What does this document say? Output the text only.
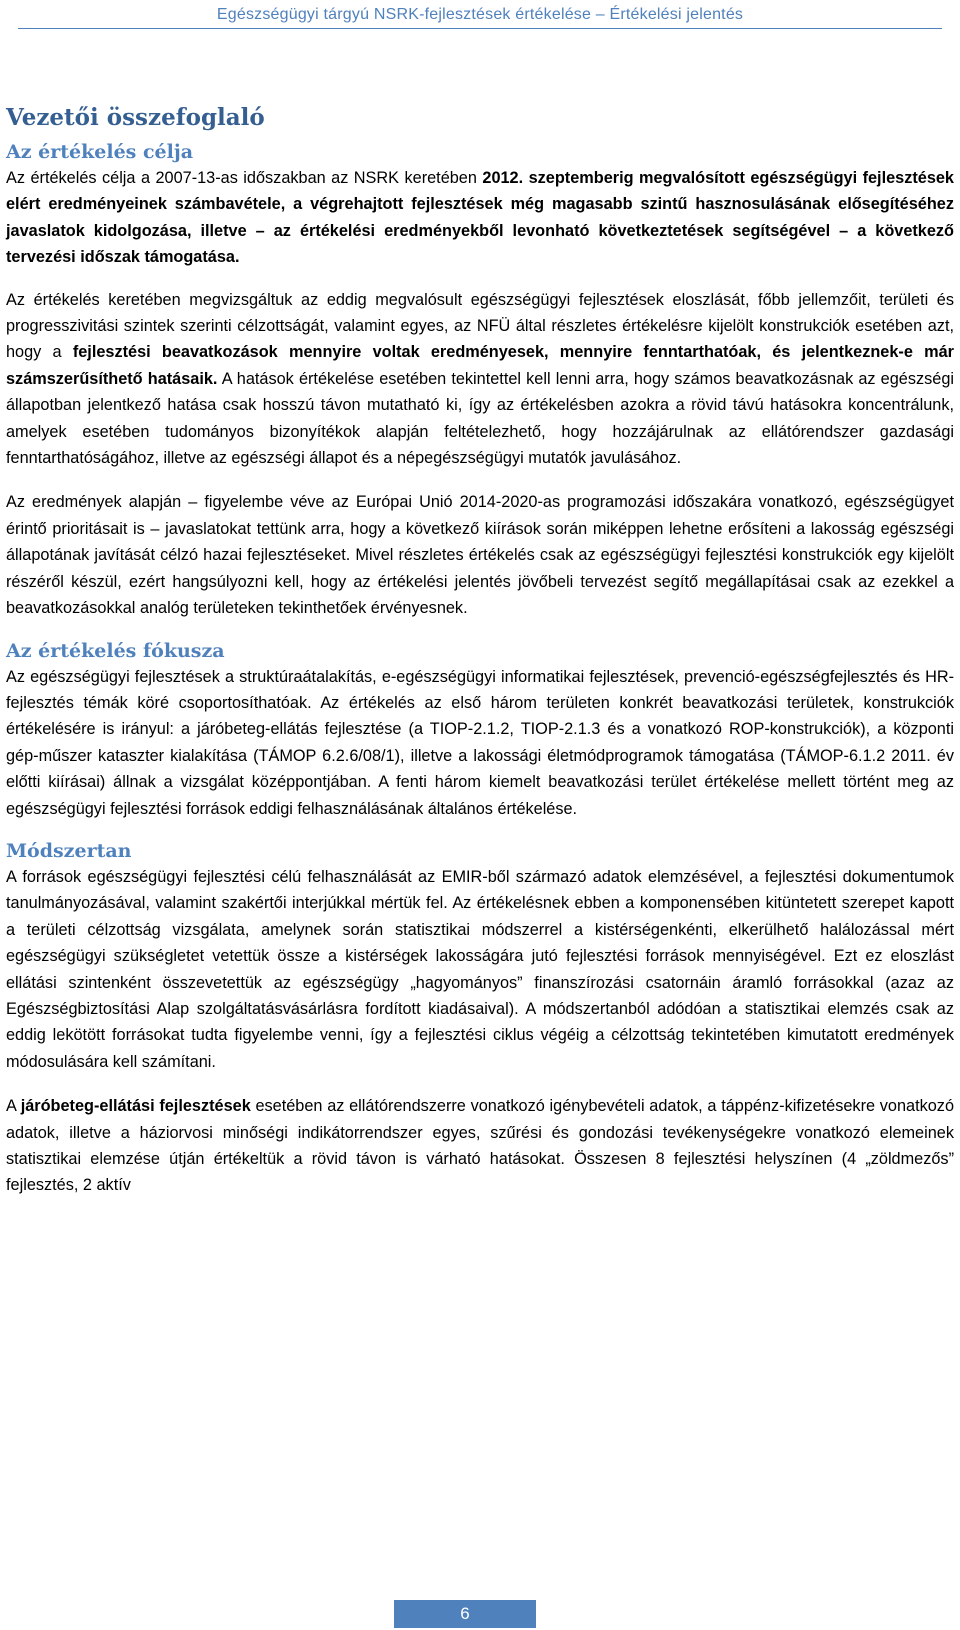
Egészségügyi tárgyú NSRK-fejlesztések értékelése – Értékelési jelentés
Vezetői összefoglaló
Az értékelés célja

Az értékelés célja a 2007-13-as időszakban az NSRK keretében 2012. szeptemberig megvalósított egészségügyi fejlesztések elért eredményeinek számbavétele, a végrehajtott fejlesztések még magasabb szintű hasznosulásának elősegítéséhez javaslatok kidolgozása, illetve – az értékelési eredményekből levonható következtetések segítségével – a következő tervezési időszak támogatása.

Az értékelés keretében megvizsgáltuk az eddig megvalósult egészségügyi fejlesztések eloszlását, főbb jellemzőit, területi és progresszivitási szintek szerinti célzottságát, valamint egyes, az NFÜ által részletes értékelésre kijelölt konstrukciók esetében azt, hogy a fejlesztési beavatkozások mennyire voltak eredményesek, mennyire fenntarthatóak, és jelentkeznek-e már számszerűsíthető hatásaik. A hatások értékelése esetében tekintettel kell lenni arra, hogy számos beavatkozásnak az egészségi állapotban jelentkező hatása csak hosszú távon mutatható ki, így az értékelésben azokra a rövid távú hatásokra koncentrálunk, amelyek esetében tudományos bizonyítékok alapján feltételezhető, hogy hozzájárulnak az ellátórendszer gazdasági fenntarthatóságához, illetve az egészségi állapot és a népegészségügyi mutatók javulásához.

Az eredmények alapján – figyelembe véve az Európai Unió 2014-2020-as programozási időszakára vonatkozó, egészségügyet érintő prioritásait is – javaslatokat tettünk arra, hogy a következő kiírások során miképpen lehetne erősíteni a lakosság egészségi állapotának javítását célzó hazai fejlesztéseket. Mivel részletes értékelés csak az egészségügyi fejlesztési konstrukciók egy kijelölt részéről készül, ezért hangsúlyozni kell, hogy az értékelési jelentés jövőbeli tervezést segítő megállapításai csak az ezekkel a beavatkozásokkal analóg területeken tekinthetőek érvényesnek.

Az értékelés fókusza

Az egészségügyi fejlesztések a struktúraátalakítás, e-egészségügyi informatikai fejlesztések, prevenció-egészségfejlesztés és HR-fejlesztés témák köré csoportosíthatóak. Az értékelés az első három területen konkrét beavatkozási területek, konstrukciók értékelésére is irányul: a járóbeteg-ellátás fejlesztése (a TIOP-2.1.2, TIOP-2.1.3 és a vonatkozó ROP-konstrukciók), a központi gép-műszer kataszter kialakítása (TÁMOP 6.2.6/08/1), illetve a lakossági életmódprogramok támogatása (TÁMOP-6.1.2 2011. év előtti kiírásai) állnak a vizsgálat középpontjában. A fenti három kiemelt beavatkozási terület értékelése mellett történt meg az egészségügyi fejlesztési források eddigi felhasználásának általános értékelése.

Módszertan

A források egészségügyi fejlesztési célú felhasználását az EMIR-ből származó adatok elemzésével, a fejlesztési dokumentumok tanulmányozásával, valamint szakértői interjúkkal mértük fel. Az értékelésnek ebben a komponensében kitüntetett szerepet kapott a területi célzottság vizsgálata, amelynek során statisztikai módszerrel a kistérségenkénti, elkerülhető halálozással mért egészségügyi szükségletet vetettük össze a kistérségek lakosságára jutó fejlesztési források mennyiségével. Ezt ez eloszlást ellátási szintenként összevetettük az egészségügy „hagyományos” finanszírozási csatornáin áramló forrásokkal (azaz az Egészségbiztosítási Alap szolgáltatásvásárlásra fordított kiadásaival). A módszertanból adódóan a statisztikai elemzés csak az eddig lekötött forrásokat tudta figyelembe venni, így a fejlesztési ciklus végéig a célzottság tekintetében kimutatott eredmények módosulására kell számítani.

A járóbeteg-ellátási fejlesztések esetében az ellátórendszerre vonatkozó igénybevételi adatok, a táppénz-kifizetésekre vonatkozó adatok, illetve a háziorvosi minőségi indikátorrendszer egyes, szűrési és gondozási tevékenységekre vonatkozó elemeinek statisztikai elemzése útján értékeltük a rövid távon is várható hatásokat. Összesen 8 fejlesztési helyszínen (4 „zöldmezős” fejlesztés, 2 aktív

6
